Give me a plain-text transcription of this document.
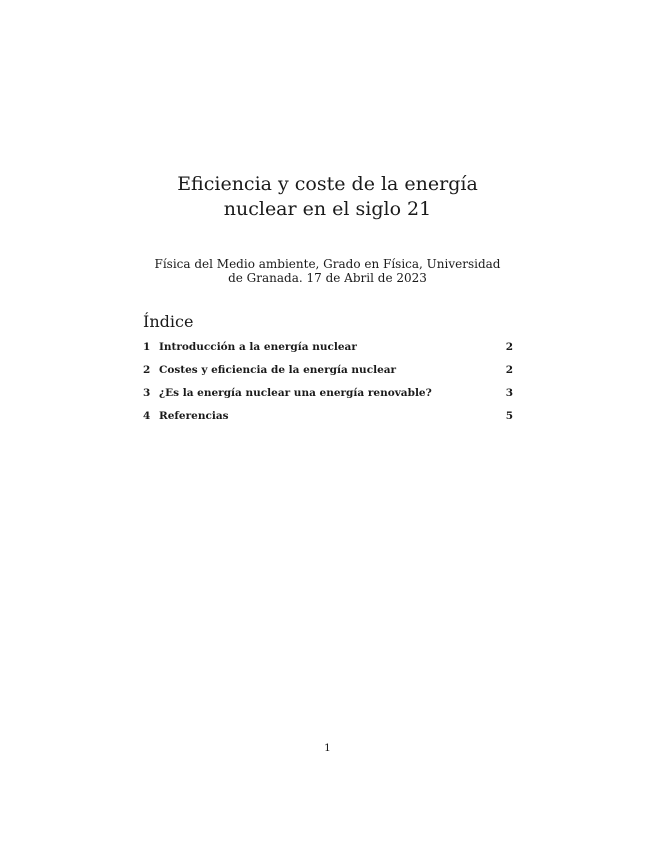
Eficiencia y coste de la energía nuclear en el siglo 21
Física del Medio ambiente, Grado en Física, Universidad de Granada. 17 de Abril de 2023
Índice
1 Introducción a la energía nuclear	2
2 Costes y eficiencia de la energía nuclear	2
3 ¿Es la energía nuclear una energía renovable?	3
4 Referencias	5
1
